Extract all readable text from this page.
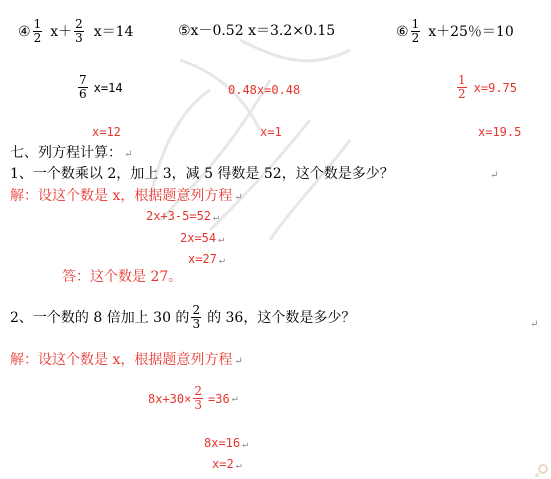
④ $\frac{1}{2} x+ \frac{2}{3} x=14$	⑤x－0.52 x＝3.2×0.15	⑥ $\frac{1}{2} x+25$％＝10
$\frac{7}{6} x=14$	0.48x=0.48	$\frac{1}{2} x=9.75$
x=12	x=1	x=19.5
七、列方程计算： ↵
1、一个数乘以 2，加上 3，减 5 得数是 52，这个数是多少？	↵
解：设这个数是 x，根据题意列方程 ↵
2x+3-5=52 ↵
2x=54 ↵
x=27 ↵
答：这个数是 27。
2、一个数的 8 倍加上 30 的 $\frac{2}{3}$ 的 36，这个数是多少？	↵
解：设这个数是 x，根据题意列方程 ↵
$8x+30\times \frac{2}{3} =36$ ↵
8x=16 ↵
x=2 ↵
